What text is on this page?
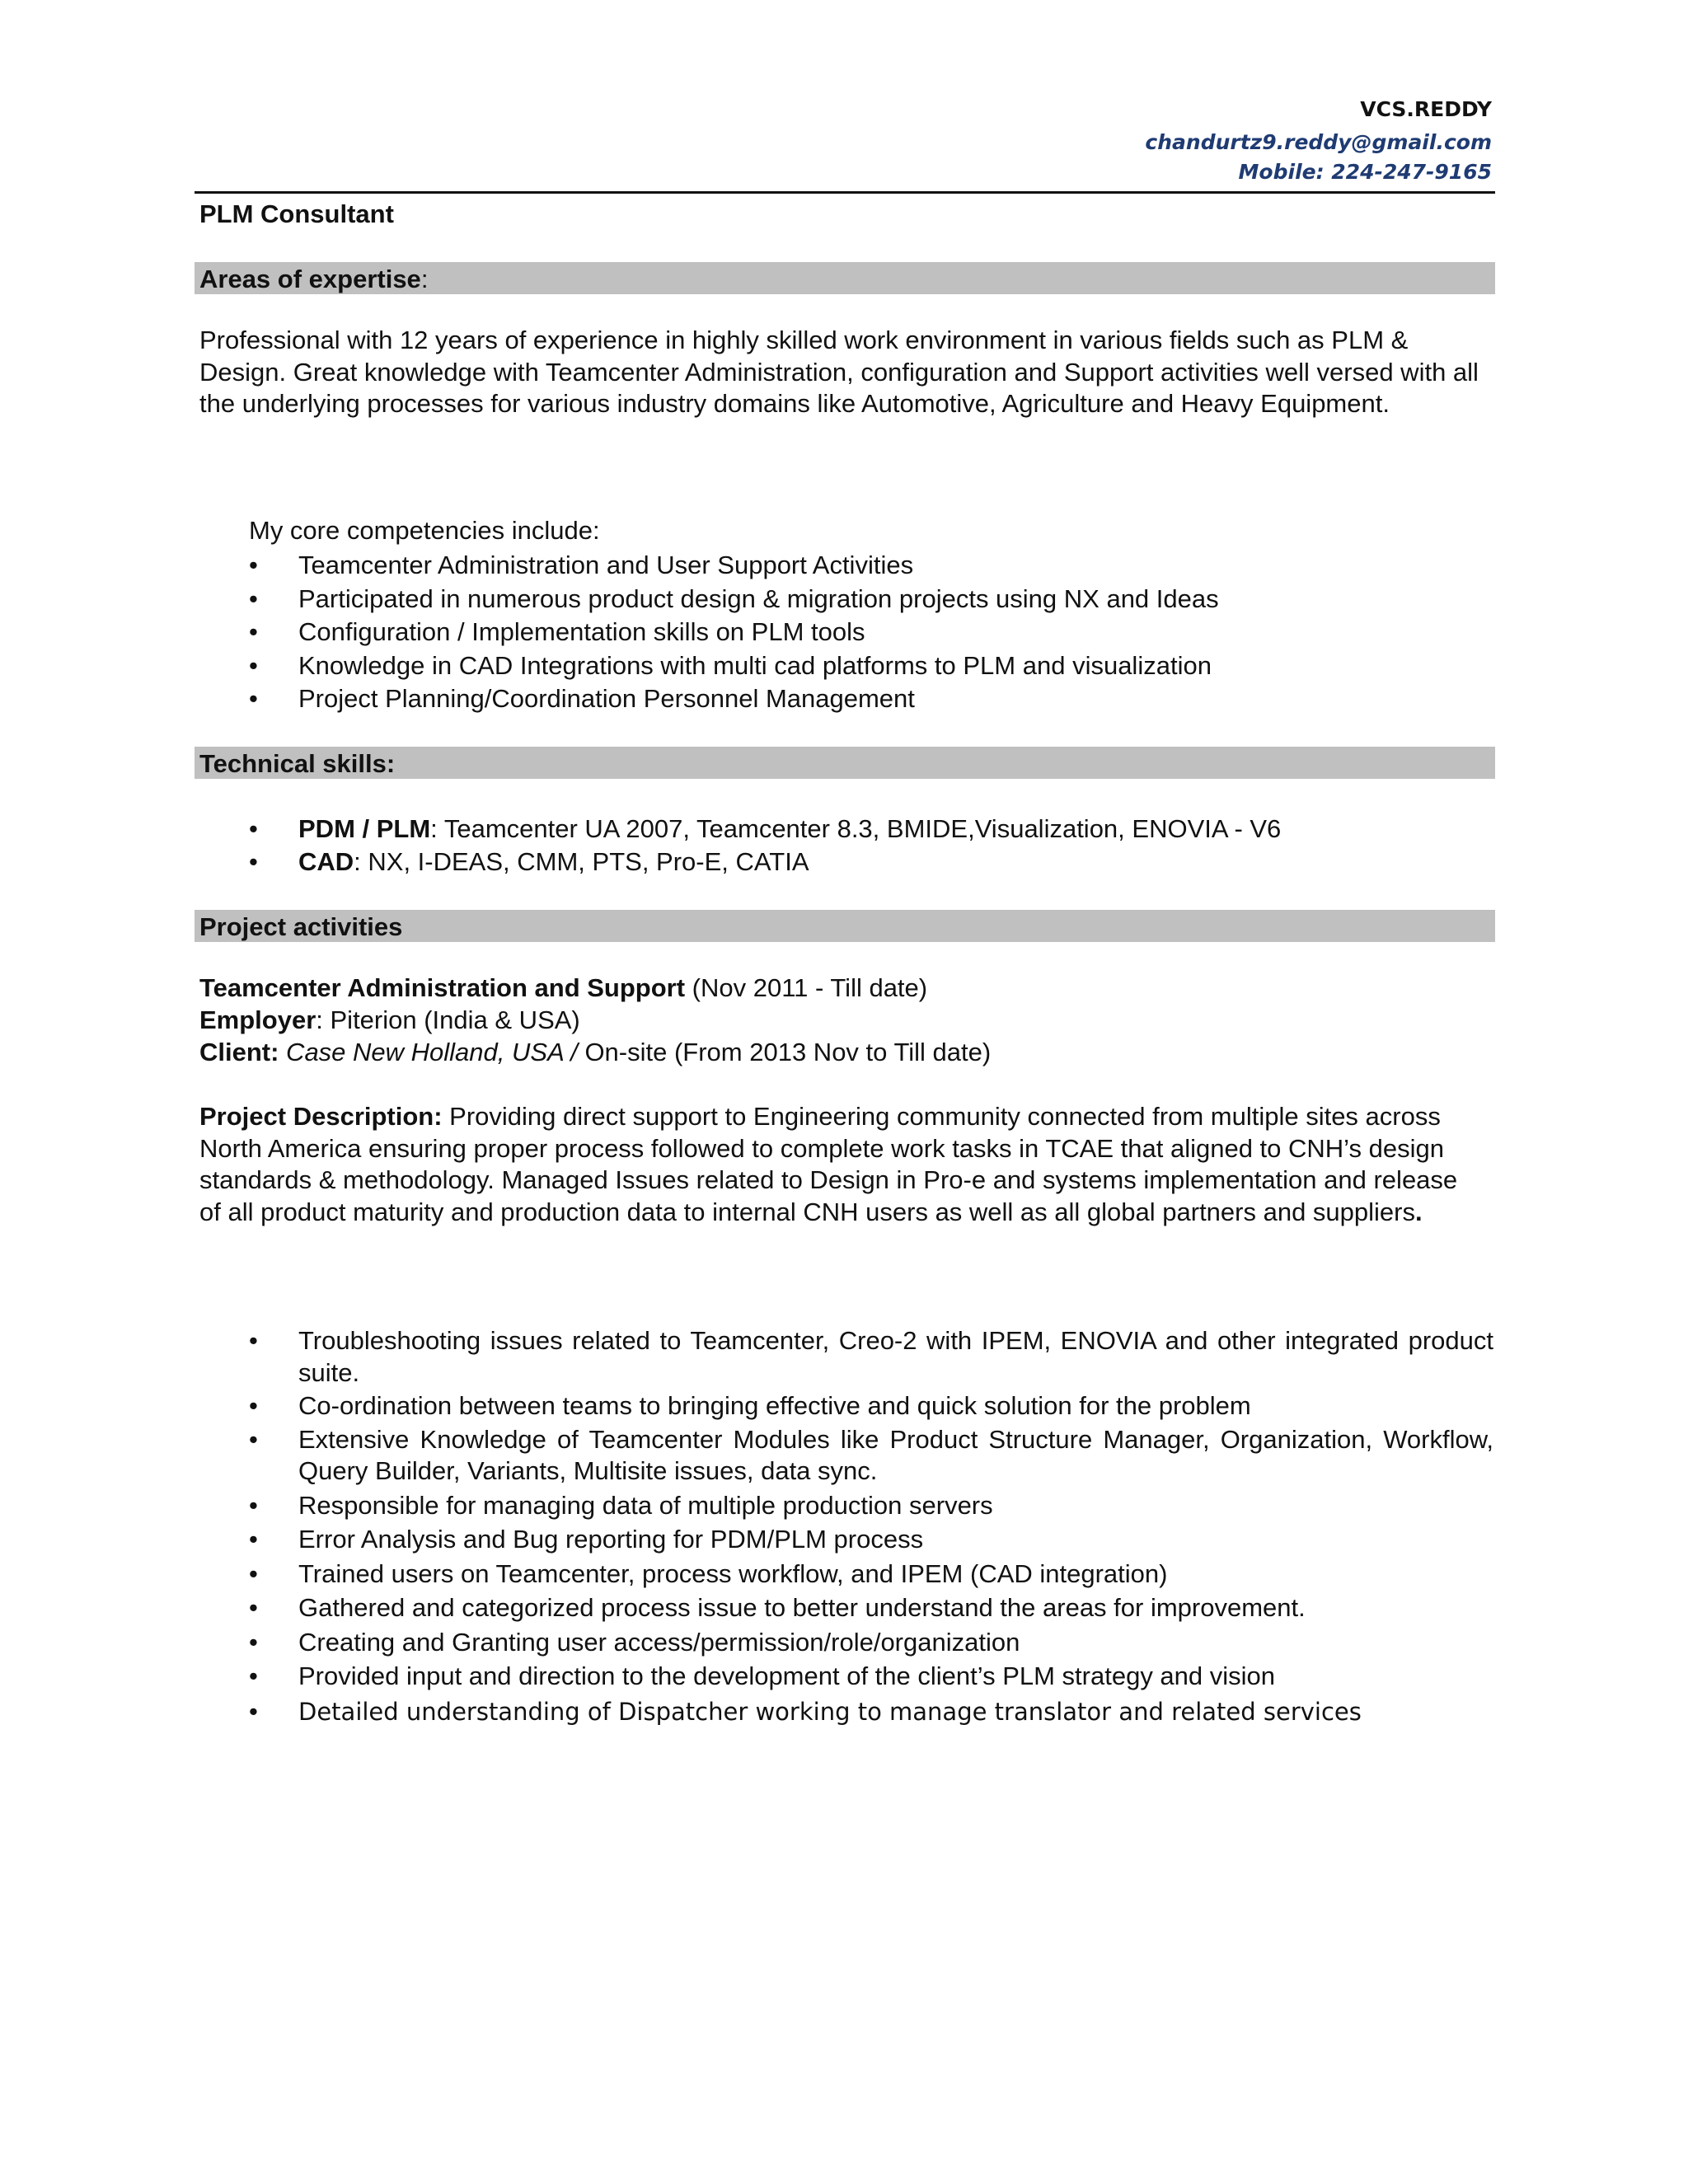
VCS.REDDY
chandurtz9.reddy@gmail.com
Mobile: 224-247-9165
PLM Consultant
Areas of expertise:
Professional with 12 years of experience in highly skilled work environment in various fields such as PLM & Design. Great knowledge with Teamcenter Administration, configuration and Support activities well versed with all the underlying processes for various industry domains like Automotive, Agriculture and Heavy Equipment.
My core competencies include:
• Teamcenter Administration and User Support Activities
• Participated in numerous product design & migration projects using NX and Ideas
• Configuration / Implementation skills on PLM tools
• Knowledge in CAD Integrations with multi cad platforms to PLM and visualization
• Project Planning/Coordination Personnel Management
Technical skills:
• PDM / PLM: Teamcenter UA 2007, Teamcenter 8.3, BMIDE,Visualization, ENOVIA - V6
• CAD: NX, I-DEAS, CMM, PTS, Pro-E, CATIA
Project activities
Teamcenter Administration and Support (Nov 2011 - Till date)
Employer: Piterion (India & USA)
Client: Case New Holland, USA / On-site (From 2013 Nov to Till date)
Project Description: Providing direct support to Engineering community connected from multiple sites across North America ensuring proper process followed to complete work tasks in TCAE that aligned to CNH’s design standards & methodology. Managed Issues related to Design in Pro-e and systems implementation and release of all product maturity and production data to internal CNH users as well as all global partners and suppliers.
• Troubleshooting issues related to Teamcenter, Creo-2 with IPEM, ENOVIA and other integrated product suite.
• Co-ordination between teams to bringing effective and quick solution for the problem
• Extensive Knowledge of Teamcenter Modules like Product Structure Manager, Organization, Workflow, Query Builder, Variants, Multisite issues, data sync.
• Responsible for managing data of multiple production servers
• Error Analysis and Bug reporting for PDM/PLM process
• Trained users on Teamcenter, process workflow, and IPEM (CAD integration)
• Gathered and categorized process issue to better understand the areas for improvement.
• Creating and Granting user access/permission/role/organization
• Provided input and direction to the development of the client’s PLM strategy and vision
• Detailed understanding of Dispatcher working to manage translator and related services
